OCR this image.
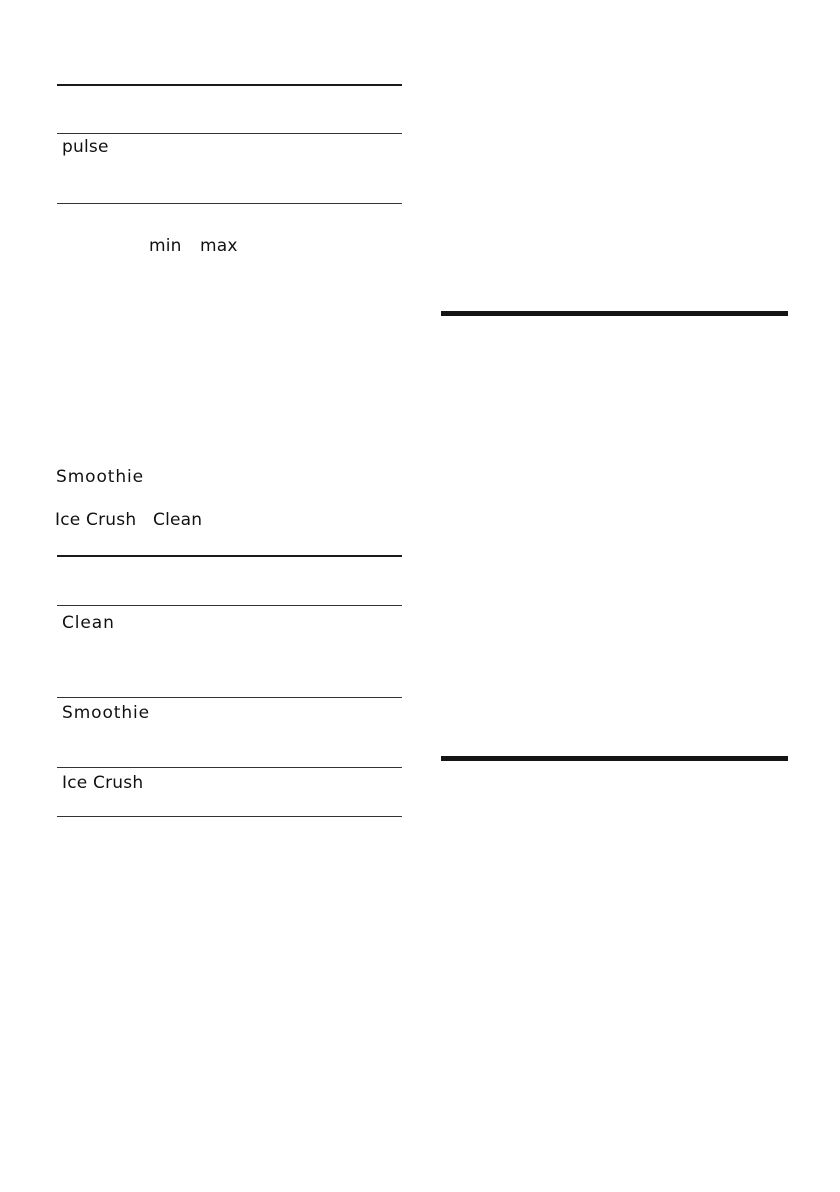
pulse
min max
Smoothie
Ice Crush Clean
Clean
Smoothie
Ice Crush
